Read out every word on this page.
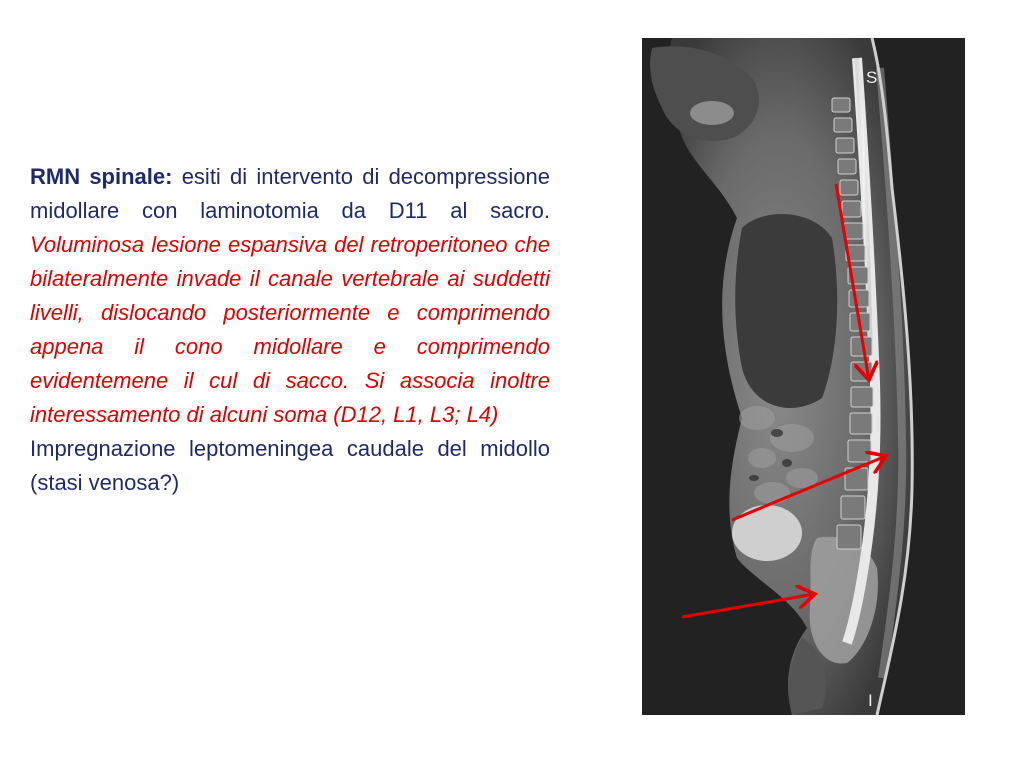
RMN spinale: esiti di intervento di decompressione midollare con laminotomia da D11 al sacro. Voluminosa lesione espansiva del retroperitoneo che bilateralmente invade il canale vertebrale ai suddetti livelli, dislocando posteriormente e comprimendo appena il cono midollare e comprimendo evidentemene il cul di sacco. Si associa inoltre interessamento di alcuni soma (D12, L1, L3; L4)

Impregnazione leptomeningea caudale del midollo (stasi venosa?)

S
I
